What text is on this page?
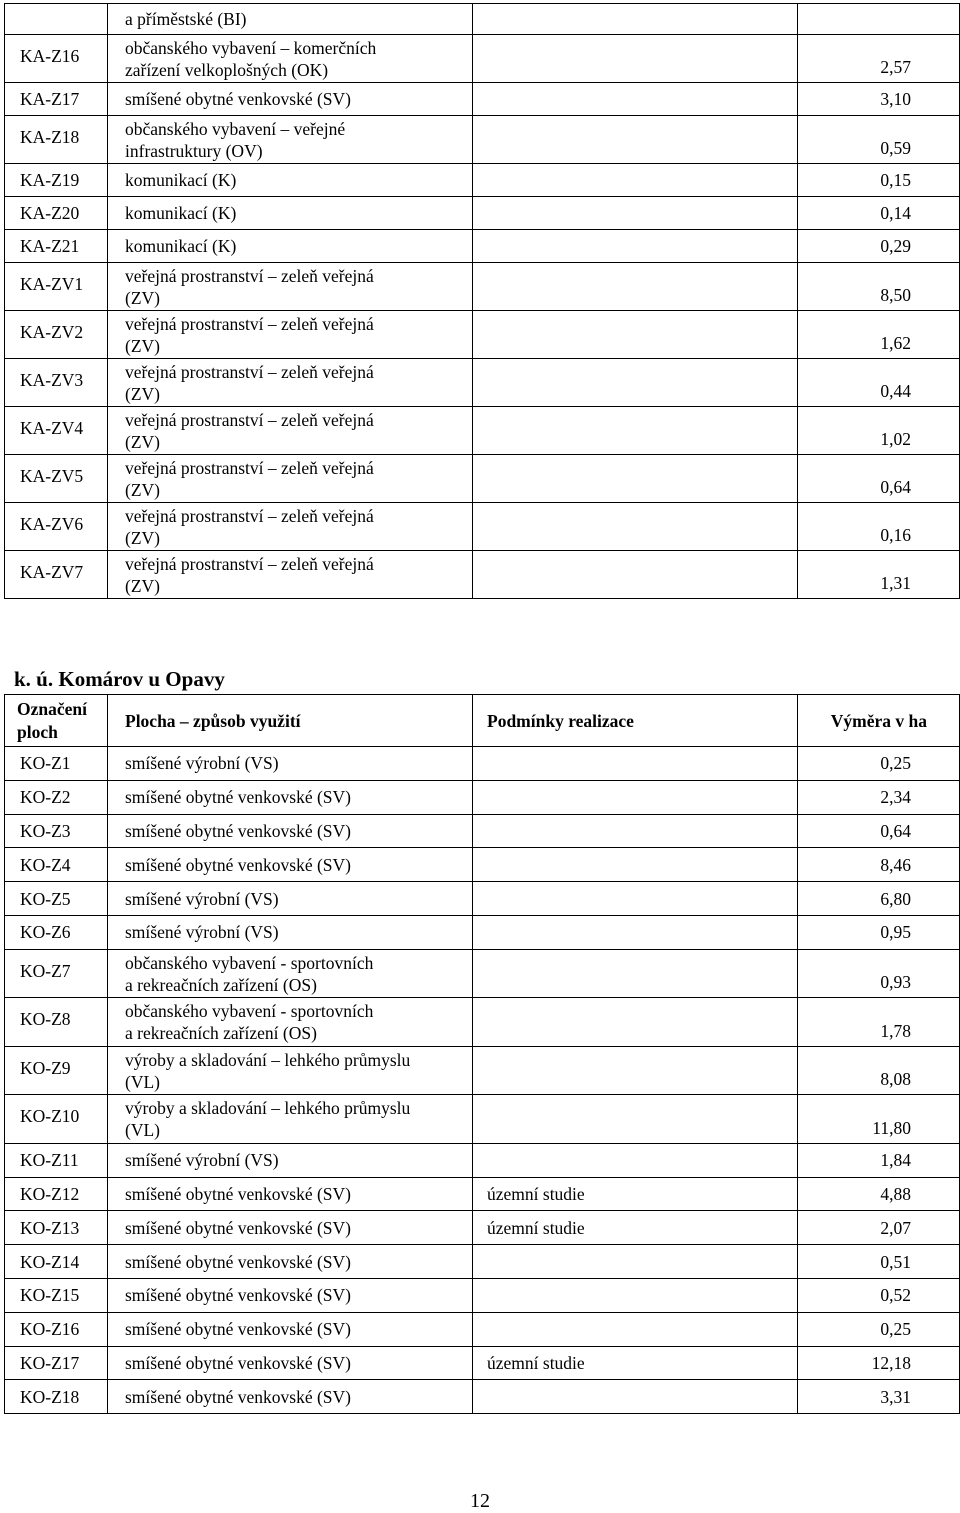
	a příměstské (BI)		

KA-Z16	občanského vybavení – komerčních
zařízení velkoplošných (OK)		2,57
KA-Z17	smíšené obytné venkovské (SV)		3,10
KA-Z18	občanského vybavení – veřejné
infrastruktury (OV)		0,59
KA-Z19	komunikací (K)		0,15
KA-Z20	komunikací (K)		0,14
KA-Z21	komunikací (K)		0,29
KA-ZV1	veřejná prostranství – zeleň veřejná
(ZV)		8,50
KA-ZV2	veřejná prostranství – zeleň veřejná
(ZV)		1,62
KA-ZV3	veřejná prostranství – zeleň veřejná
(ZV)		0,44
KA-ZV4	veřejná prostranství – zeleň veřejná
(ZV)		1,02
KA-ZV5	veřejná prostranství – zeleň veřejná
(ZV)		0,64
KA-ZV6	veřejná prostranství – zeleň veřejná
(ZV)		0,16
KA-ZV7	veřejná prostranství – zeleň veřejná
(ZV)		1,31
k. ú. Komárov u Opavy
Označení ploch	Plocha – způsob využití	Podmínky realizace	Výměra v ha
KO-Z1	smíšené výrobní (VS)		0,25
KO-Z2	smíšené obytné venkovské (SV)		2,34
KO-Z3	smíšené obytné venkovské (SV)		0,64
KO-Z4	smíšené obytné venkovské (SV)		8,46
KO-Z5	smíšené výrobní (VS)		6,80
KO-Z6	smíšené výrobní (VS)		0,95
KO-Z7	občanského vybavení - sportovních
a rekreačních zařízení (OS)		0,93
KO-Z8	občanského vybavení - sportovních
a rekreačních zařízení (OS)		1,78
KO-Z9	výroby a skladování – lehkého průmyslu
(VL)		8,08
KO-Z10	výroby a skladování – lehkého průmyslu
(VL)		11,80
KO-Z11	smíšené výrobní (VS)		1,84
KO-Z12	smíšené obytné venkovské (SV)	územní studie	4,88
KO-Z13	smíšené obytné venkovské (SV)	územní studie	2,07
KO-Z14	smíšené obytné venkovské (SV)		0,51
KO-Z15	smíšené obytné venkovské (SV)		0,52
KO-Z16	smíšené obytné venkovské (SV)		0,25
KO-Z17	smíšené obytné venkovské (SV)	územní studie	12,18
KO-Z18	smíšené obytné venkovské (SV)		3,31
12
